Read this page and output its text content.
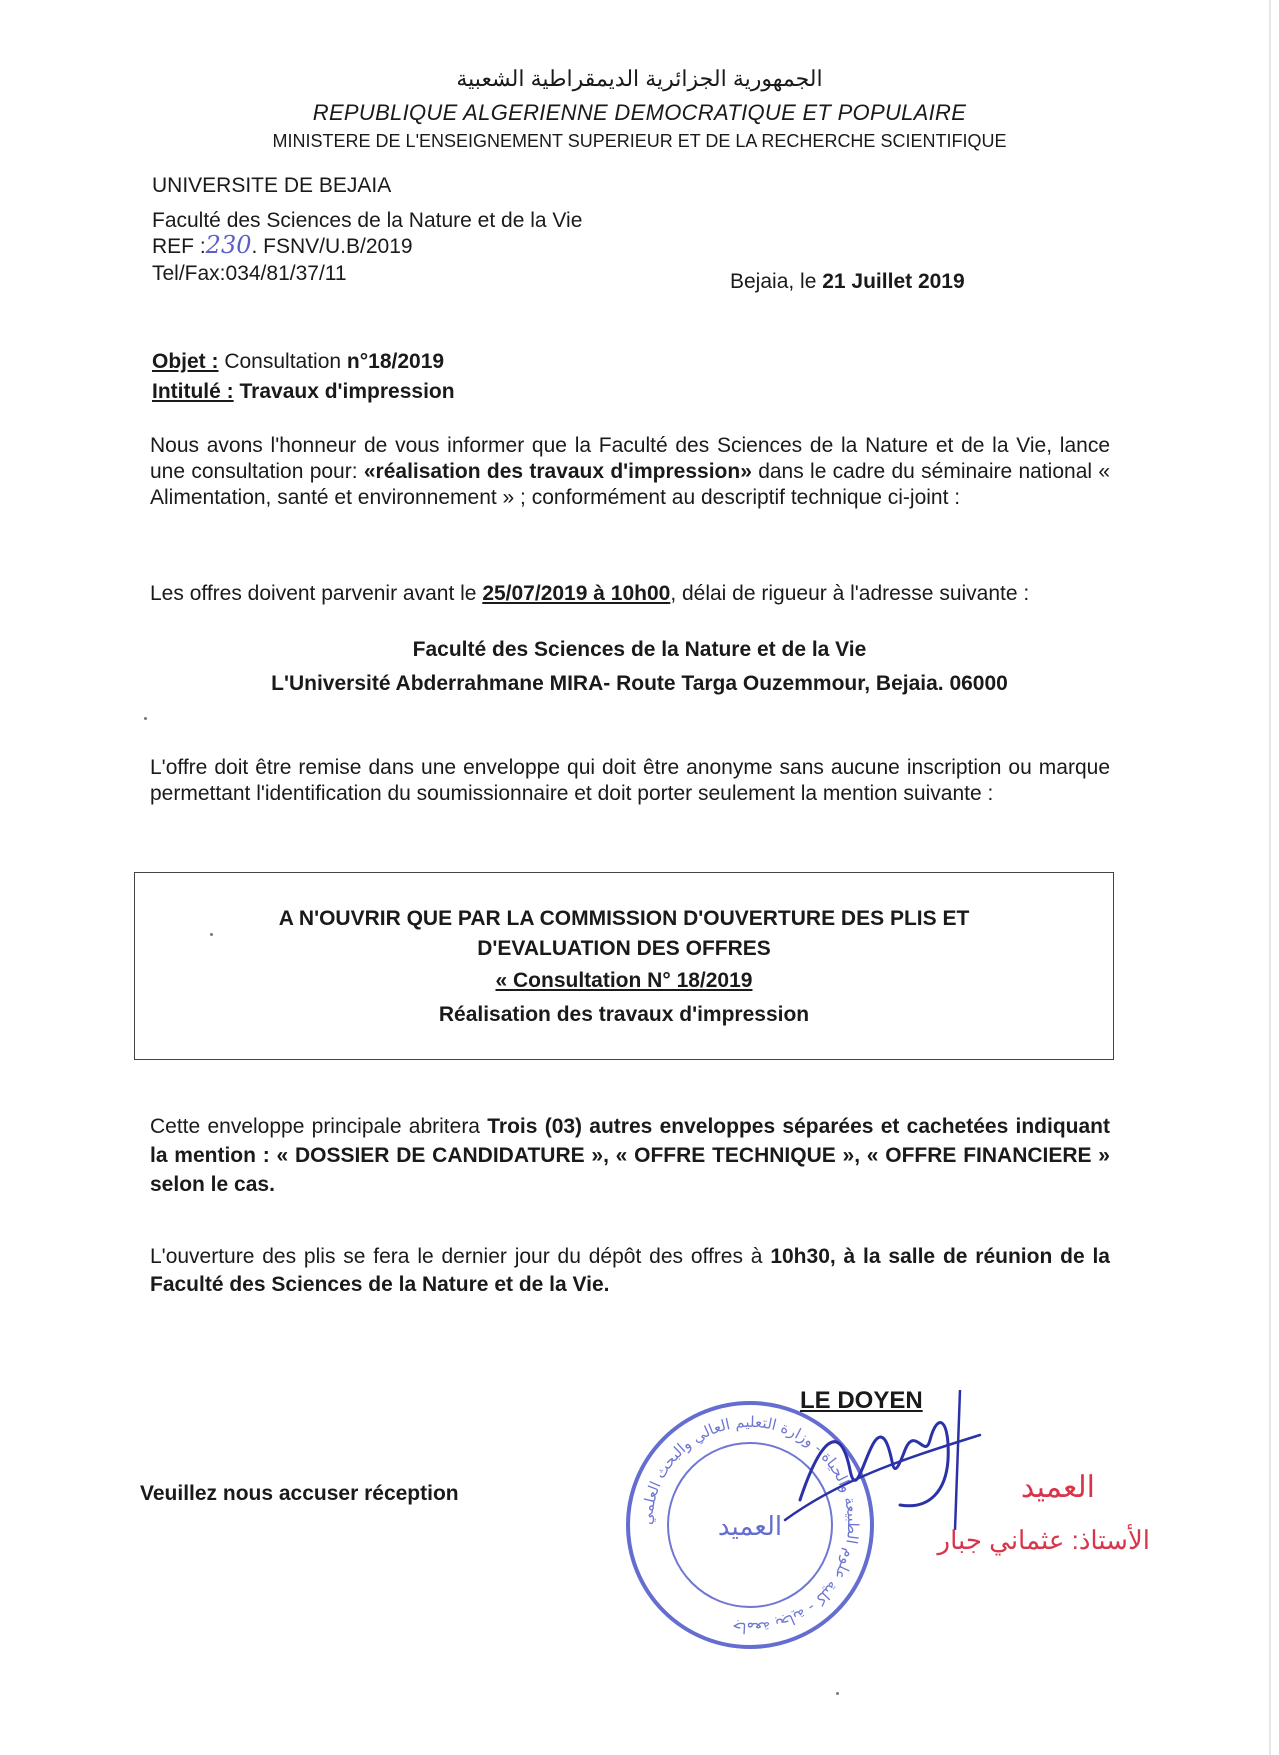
الجمهورية الجزائرية الديمقراطية الشعبية
REPUBLIQUE ALGERIENNE DEMOCRATIQUE ET POPULAIRE
MINISTERE DE L'ENSEIGNEMENT SUPERIEUR ET DE LA RECHERCHE SCIENTIFIQUE
UNIVERSITE DE BEJAIA
Faculté des Sciences de la Nature et de la Vie
REF :230. FSNV/U.B/2019
Tel/Fax:034/81/37/11	Bejaia, le 21 Juillet 2019
Objet : Consultation n°18/2019
Intitulé : Travaux d'impression
Nous avons l'honneur de vous informer que la Faculté des Sciences de la Nature et de la Vie, lance une consultation pour: «réalisation des travaux d'impression» dans le cadre du séminaire national « Alimentation, santé et environnement » ; conformément au descriptif technique ci-joint :
Les offres doivent parvenir avant le 25/07/2019 à 10h00, délai de rigueur à l'adresse suivante :
Faculté des Sciences de la Nature et de la Vie
L'Université Abderrahmane MIRA- Route Targa Ouzemmour, Bejaia. 06000
L'offre doit être remise dans une enveloppe qui doit être anonyme sans aucune inscription ou marque permettant l'identification du soumissionnaire et doit porter seulement la mention suivante :
A N'OUVRIR QUE PAR LA COMMISSION D'OUVERTURE DES PLIS ET
D'EVALUATION DES OFFRES
« Consultation N° 18/2019
Réalisation des travaux d'impression
Cette enveloppe principale abritera Trois (03) autres enveloppes séparées et cachetées indiquant la mention : « DOSSIER DE CANDIDATURE », « OFFRE TECHNIQUE », « OFFRE FINANCIERE » selon le cas.
L'ouverture des plis se fera le dernier jour du dépôt des offres à 10h30, à la salle de réunion de la Faculté des Sciences de la Nature et de la Vie.
Veuillez nous accuser réception
LE DOYEN
جامعة بجاية - كلية علوم الطبيعة والحياة - وزارة التعليم العالي والبحث العلمي
العميد
العميد
الأستاذ: عثماني جبار
